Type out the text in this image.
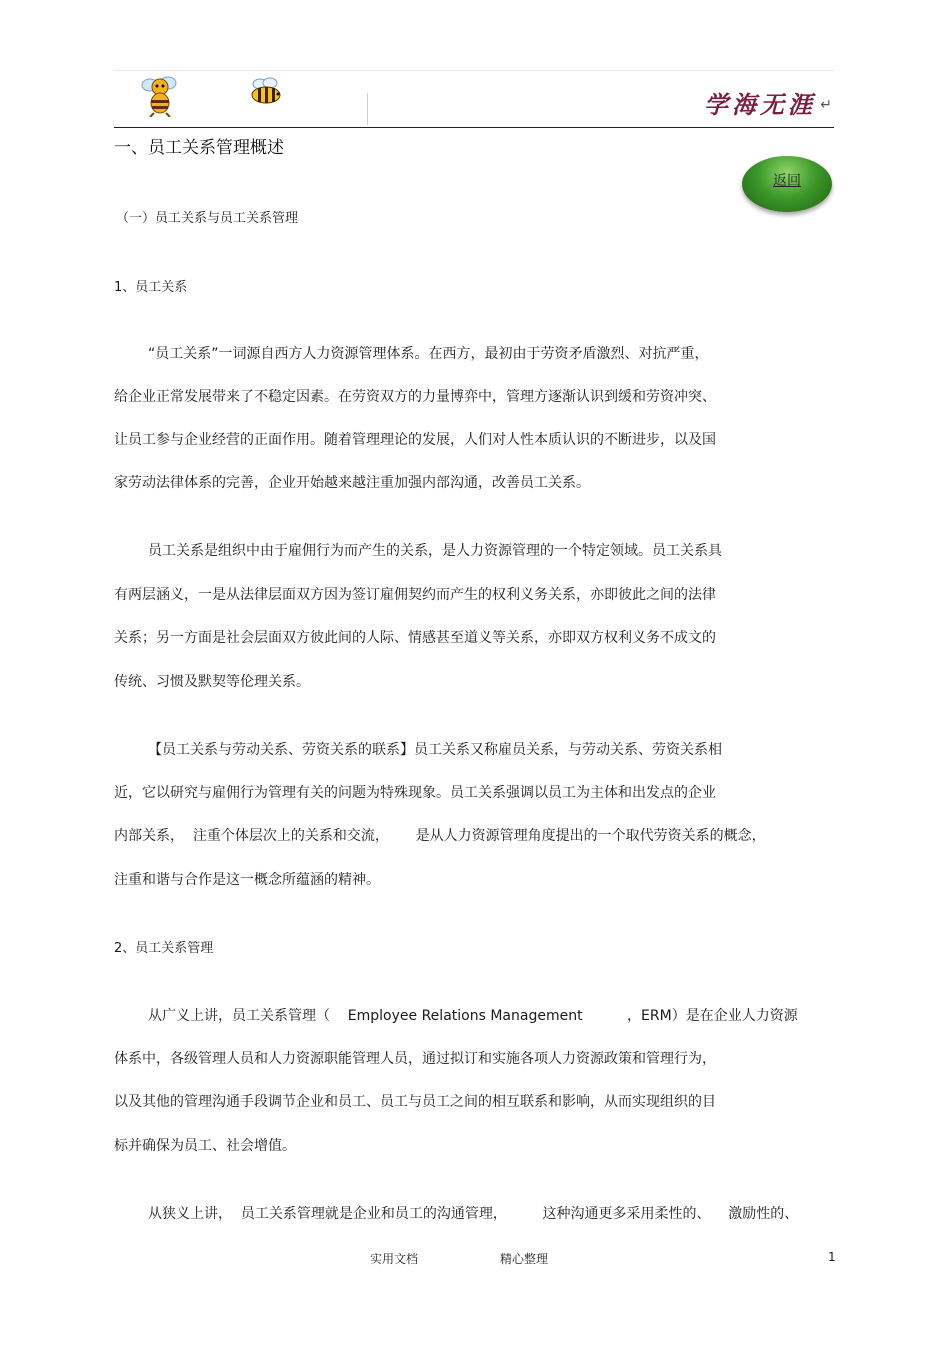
学海无涯 ↵
返回
一、员工关系管理概述
（一）员工关系与员工关系管理
1、员工关系
“员工关系”一词源自西方人力资源管理体系。在西方，最初由于劳资矛盾激烈、对抗严重，
给企业正常发展带来了不稳定因素。在劳资双方的力量博弈中，管理方逐渐认识到缓和劳资冲突、
让员工参与企业经营的正面作用。随着管理理论的发展，人们对人性本质认识的不断进步，以及国
家劳动法律体系的完善，企业开始越来越注重加强内部沟通，改善员工关系。
员工关系是组织中由于雇佣行为而产生的关系，是人力资源管理的一个特定领域。员工关系具
有两层涵义，一是从法律层面双方因为签订雇佣契约而产生的权利义务关系，亦即彼此之间的法律
关系；另一方面是社会层面双方彼此间的人际、情感甚至道义等关系，亦即双方权利义务不成文的
传统、习惯及默契等伦理关系。
【员工关系与劳动关系、劳资关系的联系】员工关系又称雇员关系，与劳动关系、劳资关系相
近，它以研究与雇佣行为管理有关的问题为特殊现象。员工关系强调以员工为主体和出发点的企业
内部关系，  注重个体层次上的关系和交流，      是从人力资源管理角度提出的一个取代劳资关系的概念，
注重和谐与合作是这一概念所蕴涵的精神。
2、员工关系管理
从广义上讲，员工关系管理（    Employee Relations Management          ，ERM）是在企业人力资源
体系中，各级管理人员和人力资源职能管理人员，通过拟订和实施各项人力资源政策和管理行为，
以及其他的管理沟通手段调节企业和员工、员工与员工之间的相互联系和影响，从而实现组织的目
标并确保为员工、社会增值。
从狭义上讲，  员工关系管理就是企业和员工的沟通管理，        这种沟通更多采用柔性的、    激励性的、
实用文档	精心整理	1
